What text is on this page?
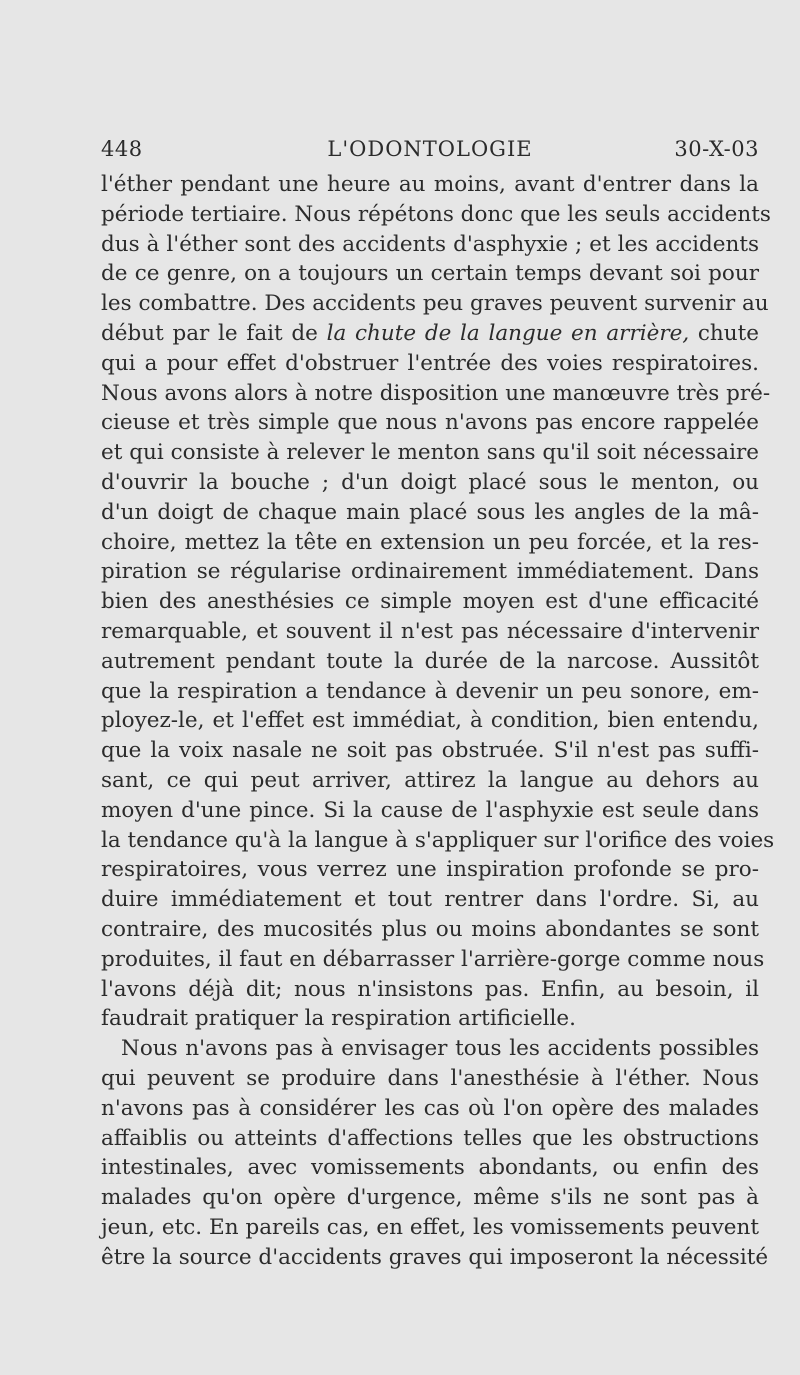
448	L'ODONTOLOGIE	30-X-03
l'éther pendant une heure au moins, avant d'entrer dans la
période tertiaire. Nous répétons donc que les seuls accidents
dus à l'éther sont des accidents d'asphyxie ; et les accidents
de ce genre, on a toujours un certain temps devant soi pour
les combattre. Des accidents peu graves peuvent survenir au
début par le fait de la chute de la langue en arrière, chute
qui a pour effet d'obstruer l'entrée des voies respiratoires.
Nous avons alors à notre disposition une manœuvre très pré-
cieuse et très simple que nous n'avons pas encore rappelée
et qui consiste à relever le menton sans qu'il soit nécessaire
d'ouvrir la bouche ; d'un doigt placé sous le menton, ou
d'un doigt de chaque main placé sous les angles de la mâ-
choire, mettez la tête en extension un peu forcée, et la res-
piration se régularise ordinairement immédiatement. Dans
bien des anesthésies ce simple moyen est d'une efficacité
remarquable, et souvent il n'est pas nécessaire d'intervenir
autrement pendant toute la durée de la narcose. Aussitôt
que la respiration a tendance à devenir un peu sonore, em-
ployez-le, et l'effet est immédiat, à condition, bien entendu,
que la voix nasale ne soit pas obstruée. S'il n'est pas suffi-
sant, ce qui peut arriver, attirez la langue au dehors au
moyen d'une pince. Si la cause de l'asphyxie est seule dans
la tendance qu'à la langue à s'appliquer sur l'orifice des voies
respiratoires, vous verrez une inspiration profonde se pro-
duire immédiatement et tout rentrer dans l'ordre. Si, au
contraire, des mucosités plus ou moins abondantes se sont
produites, il faut en débarrasser l'arrière-gorge comme nous
l'avons déjà dit; nous n'insistons pas. Enfin, au besoin, il
faudrait pratiquer la respiration artificielle.
Nous n'avons pas à envisager tous les accidents possibles
qui peuvent se produire dans l'anesthésie à l'éther. Nous
n'avons pas à considérer les cas où l'on opère des malades
affaiblis ou atteints d'affections telles que les obstructions
intestinales, avec vomissements abondants, ou enfin des
malades qu'on opère d'urgence, même s'ils ne sont pas à
jeun, etc. En pareils cas, en effet, les vomissements peuvent
être la source d'accidents graves qui imposeront la nécessité
